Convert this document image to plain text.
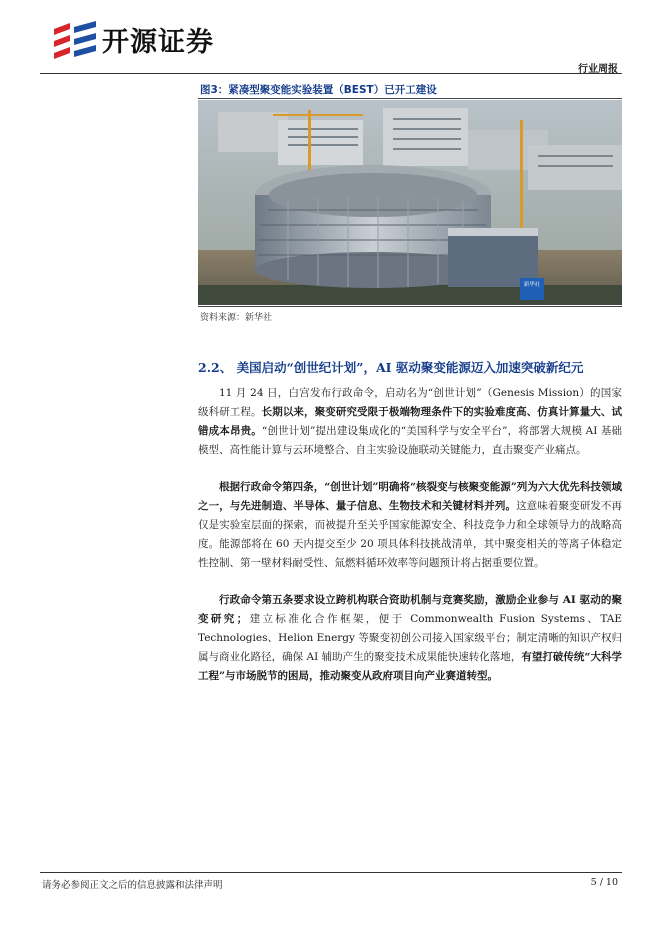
开源证券
行业周报
图3：紧凑型聚变能实验装置（BEST）已开工建设
新华社
资料来源：新华社
2.2、 美国启动“创世纪计划”，AI 驱动聚变能源迈入加速突破新纪元

11 月 24 日，白宫发布行政命令，启动名为“创世计划”（Genesis Mission）的国家级科研工程。长期以来，聚变研究受限于极端物理条件下的实验难度高、仿真计算量大、试错成本昂贵。“创世计划”提出建设集成化的“美国科学与安全平台”，将部署大规模 AI 基础模型、高性能计算与云环境整合、自主实验设施联动关键能力，直击聚变产业痛点。

根据行政命令第四条，“创世计划”明确将“核裂变与核聚变能源”列为六大优先科技领域之一，与先进制造、半导体、量子信息、生物技术和关键材料并列。这意味着聚变研发不再仅是实验室层面的探索，而被提升至关乎国家能源安全、科技竞争力和全球领导力的战略高度。能源部将在 60 天内提交至少 20 项具体科技挑战清单，其中聚变相关的等离子体稳定性控制、第一壁材料耐受性、氚燃料循环效率等问题预计将占据重要位置。

行政命令第五条要求设立跨机构联合资助机制与竞赛奖励，激励企业参与 AI 驱动的聚变研究；建立标准化合作框架，便于 Commonwealth Fusion Systems、TAE Technologies、Helion Energy 等聚变初创公司接入国家级平台；制定清晰的知识产权归属与商业化路径，确保 AI 辅助产生的聚变技术成果能快速转化落地，有望打破传统“大科学工程”与市场脱节的困局，推动聚变从政府项目向产业赛道转型。

请务必参阅正文之后的信息披露和法律声明	5 / 10
